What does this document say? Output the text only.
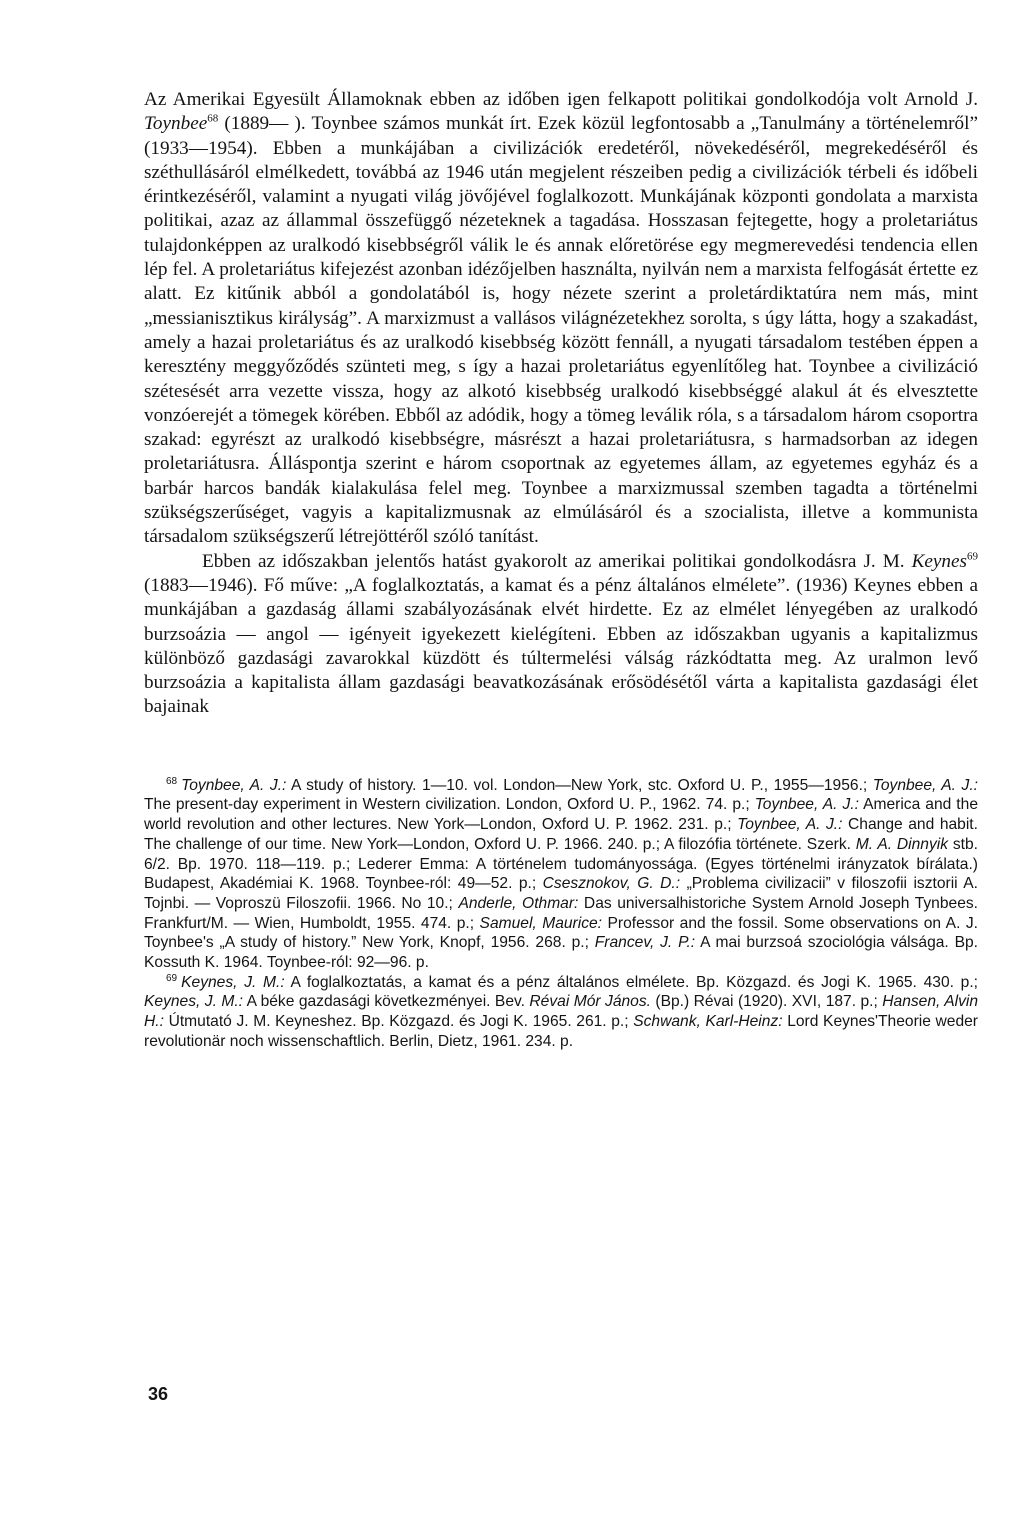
Az Amerikai Egyesült Államoknak ebben az időben igen felkapott politikai gondolkodója volt Arnold J. Toynbee$^{68}$ (1889— ). Toynbee számos munkát írt. Ezek közül legfontosabb a „Tanulmány a történelemről” (1933—1954). Ebben a munkájában a civilizációk eredetéről, növekedéséről, megrekedéséről és széthullásáról elmélkedett, továbbá az 1946 után megjelent részeiben pedig a civilizációk térbeli és időbeli érintkezéséről, valamint a nyugati világ jövőjével foglalkozott. Munkájának központi gondolata a marxista politikai, azaz az állammal összefüggő nézeteknek a tagadása. Hosszasan fejtegette, hogy a proletariátus tulajdonképpen az uralkodó kisebbségről válik le és annak előretörése egy megmerevedési tendencia ellen lép fel. A proletariátus kifejezést azonban idézőjelben használta, nyilván nem a marxista felfogását értette ez alatt. Ez kitűnik abból a gondolatából is, hogy nézete szerint a proletárdiktatúra nem más, mint „messianisztikus királyság”. A marxizmust a vallásos világnézetekhez sorolta, s úgy látta, hogy a szakadást, amely a hazai proletariátus és az uralkodó kisebbség között fennáll, a nyugati társadalom testében éppen a keresztény meggyőződés szünteti meg, s így a hazai proletariátus egyenlítőleg hat. Toynbee a civilizáció szétesését arra vezette vissza, hogy az alkotó kisebbség uralkodó kisebbséggé alakul át és elvesztette vonzóerejét a tömegek körében. Ebből az adódik, hogy a tömeg leválik róla, s a társadalom három csoportra szakad: egyrészt az uralkodó kisebbségre, másrészt a hazai proletariátusra, s harmadsorban az idegen proletariátusra. Álláspontja szerint e három csoportnak az egyetemes állam, az egyetemes egyház és a barbár harcos bandák kialakulása felel meg. Toynbee a marxizmussal szemben tagadta a történelmi szükségszerűséget, vagyis a kapitalizmusnak az elmúlásáról és a szocialista, illetve a kommunista társadalom szükségszerű létrejöttéről szóló tanítást.

Ebben az időszakban jelentős hatást gyakorolt az amerikai politikai gondolkodásra J. M. Keynes$^{69}$ (1883—1946). Fő műve: „A foglalkoztatás, a kamat és a pénz általános elmélete”. (1936) Keynes ebben a munkájában a gazdaság állami szabályozásának elvét hirdette. Ez az elmélet lényegében az uralkodó burzsoázia — angol — igényeit igyekezett kielégíteni. Ebben az időszakban ugyanis a kapitalizmus különböző gazdasági zavarokkal küzdött és túltermelési válság rázkódtatta meg. Az uralmon levő burzsoázia a kapitalista állam gazdasági beavatkozásának erősödésétől várta a kapitalista gazdasági élet bajainak

$^{68}$ Toynbee, A. J.: A study of history. 1—10. vol. London—New York, stc. Oxford U. P., 1955—1956.; Toynbee, A. J.: The present-day experiment in Western civilization. London, Oxford U. P., 1962. 74. p.; Toynbee, A. J.: America and the world revolution and other lectures. New York—London, Oxford U. P. 1962. 231. p.; Toynbee, A. J.: Change and habit. The challenge of our time. New York—London, Oxford U. P. 1966. 240. p.; A filozófia története. Szerk. M. A. Dinnyik stb. 6/2. Bp. 1970. 118—119. p.; Lederer Emma: A történelem tudományossága. (Egyes történelmi irányzatok bírálata.) Budapest, Akadémiai K. 1968. Toynbee-ról: 49—52. p.; Csesznokov, G. D.: „Problema civilizacii” v filoszofii isztorii A. Tojnbi. — Voproszü Filoszofii. 1966. No 10.; Anderle, Othmar: Das universalhistoriche System Arnold Joseph Tynbees. Frankfurt/M. — Wien, Humboldt, 1955. 474. p.; Samuel, Maurice: Professor and the fossil. Some observations on A. J. Toynbee's „A study of history.” New York, Knopf, 1956. 268. p.; Francev, J. P.: A mai burzsoá szociológia válsága. Bp. Kossuth K. 1964. Toynbee-ról: 92—96. p.

$^{69}$ Keynes, J. M.: A foglalkoztatás, a kamat és a pénz általános elmélete. Bp. Közgazd. és Jogi K. 1965. 430. p.; Keynes, J. M.: A béke gazdasági következményei. Bev. Révai Mór János. (Bp.) Révai (1920). XVI, 187. p.; Hansen, Alvin H.: Útmutató J. M. Keyneshez. Bp. Közgazd. és Jogi K. 1965. 261. p.; Schwank, Karl-Heinz: Lord Keynes'Theorie weder revolutionär noch wissenschaftlich. Berlin, Dietz, 1961. 234. p.

36
